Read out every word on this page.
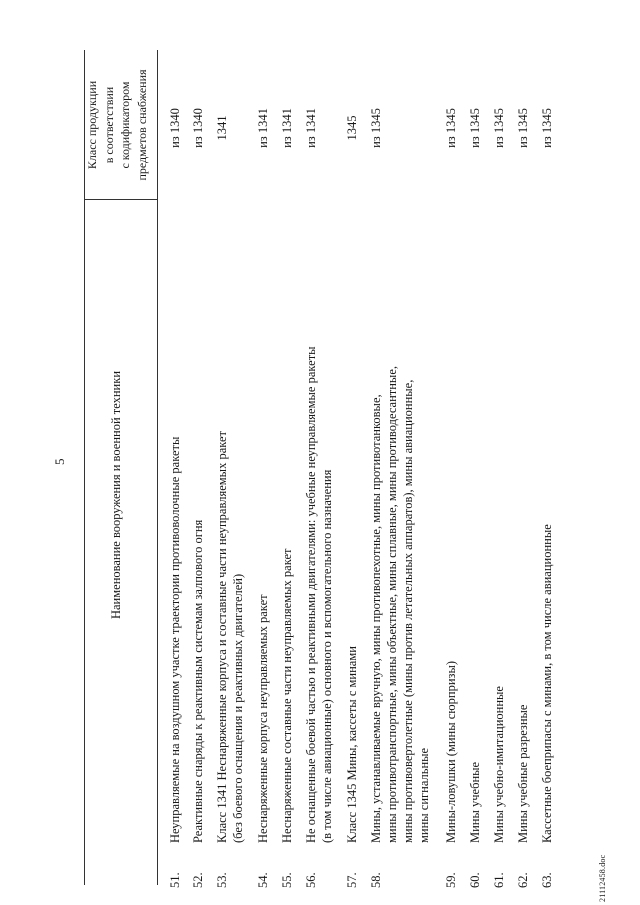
5	Наименование вооружения и военной техники
Класс продукции в соответствии с кодификатором предметов снабжения
51.
Неуправляемые на воздушном участке траектории противоволочные ракеты
из 1340
52.
Реактивные снаряды к реактивным системам залпового огня
из 1340
53.
Класс 1341 Неснаряженные корпуса и составные части неуправляемых ракет (без боевого оснащения и реактивных двигателей)
1341
54.
Неснаряженные корпуса неуправляемых ракет
из 1341
55.
Неснаряженные составные части неуправляемых ракет
из 1341
56.
Не оснащенные боевой частью и реактивными двигателями: учебные неуправляемые ракеты (в том числе авиационные) основного и вспомогательного назначения
из 1341
57.
Класс 1345 Мины, кассеты с минами
1345
58.
Мины, устанавливаемые вручную, мины противопехотные, мины противотанковые, мины противотранспортные, мины объектные, мины сплавные, мины противодесантные, мины противовертолетные (мины против летательных аппаратов), мины авиационные, мины сигнальные
из 1345
59.
Мины-ловушки (мины сюрпризы)
из 1345
60.
Мины учебные
из 1345
61.
Мины учебно-имитационные
из 1345
62.
Мины учебные разрезные
из 1345
63.
Кассетные боеприпасы с минами, в том числе авиационные
из 1345
21112458.doc
